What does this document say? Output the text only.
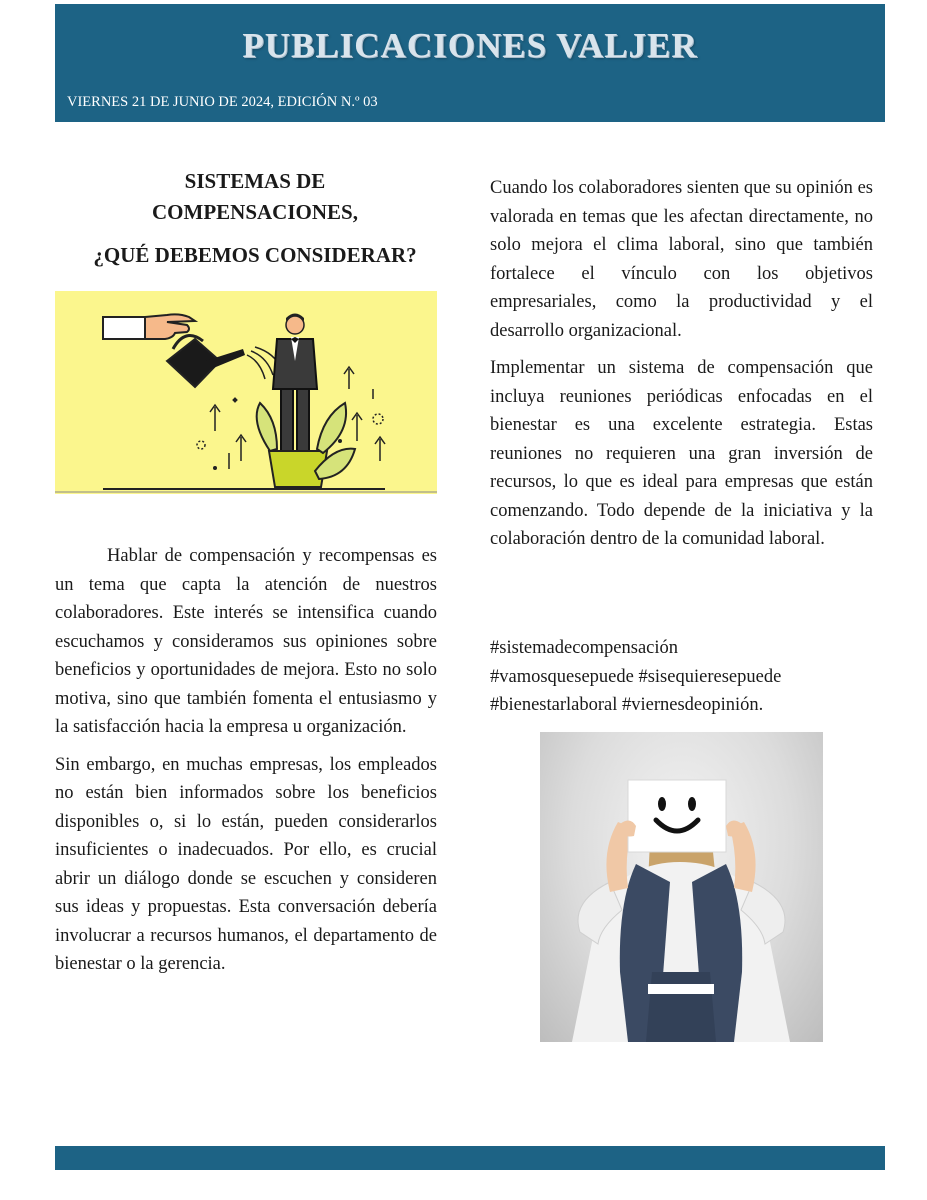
PUBLICACIONES VALJER
VIERNES 21 DE JUNIO DE 2024, EDICIÓN N.º 03
SISTEMAS DE
COMPENSACIONES,
¿QUÉ DEBEMOS CONSIDERAR?

Hablar de compensación y recompensas es un tema que capta la atención de nuestros colaboradores. Este interés se intensifica cuando escuchamos y consideramos sus opiniones sobre beneficios y oportunidades de mejora. Esto no solo motiva, sino que también fomenta el entusiasmo y la satisfacción hacia la empresa u organización.

Sin embargo, en muchas empresas, los empleados no están bien informados sobre los beneficios disponibles o, si lo están, pueden considerarlos insuficientes o inadecuados. Por ello, es crucial abrir un diálogo donde se escuchen y consideren sus ideas y propuestas. Esta conversación debería involucrar a recursos humanos, el departamento de bienestar o la gerencia.

Cuando los colaboradores sienten que su opinión es valorada en temas que les afectan directamente, no solo mejora el clima laboral, sino que también fortalece el vínculo con los objetivos empresariales, como la productividad y el desarrollo organizacional.

Implementar un sistema de compensación que incluya reuniones periódicas enfocadas en el bienestar es una excelente estrategia. Estas reuniones no requieren una gran inversión de recursos, lo que es ideal para empresas que están comenzando. Todo depende de la iniciativa y la colaboración dentro de la comunidad laboral.

#sistemadecompensación
#vamosquesepuede #sisequieresepuede
#bienestarlaboral #viernesdeopinión.
